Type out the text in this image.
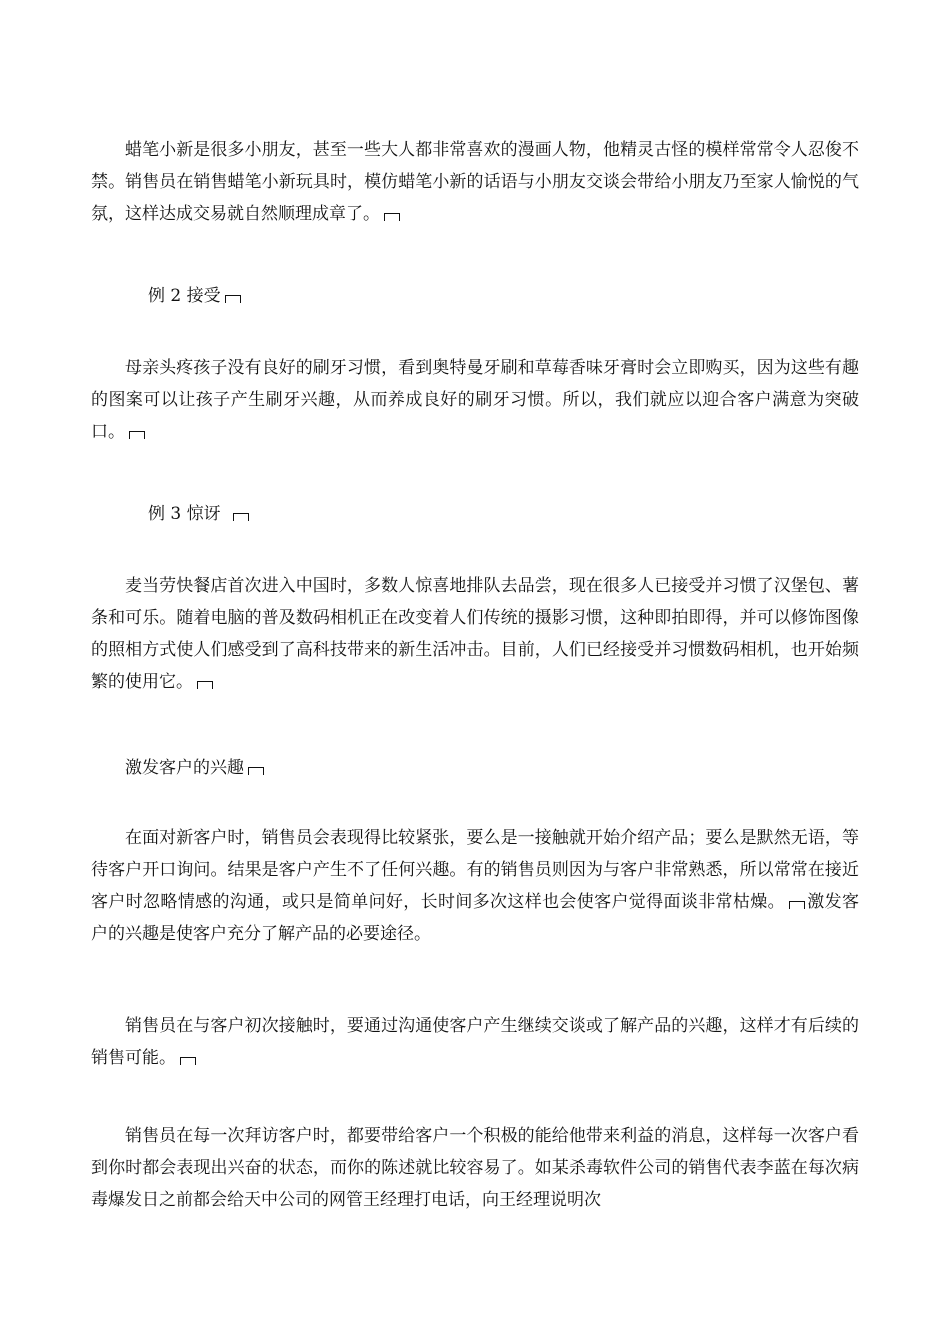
蜡笔小新是很多小朋友，甚至一些大人都非常喜欢的漫画人物，他精灵古怪的模样常常令人忍俊不禁。销售员在销售蜡笔小新玩具时，模仿蜡笔小新的话语与小朋友交谈会带给小朋友乃至家人愉悦的气氛，这样达成交易就自然顺理成章了。

例 2 接受

母亲头疼孩子没有良好的刷牙习惯，看到奥特曼牙刷和草莓香味牙膏时会立即购买，因为这些有趣的图案可以让孩子产生刷牙兴趣，从而养成良好的刷牙习惯。所以，我们就应以迎合客户满意为突破口。

例 3 惊讶

麦当劳快餐店首次进入中国时，多数人惊喜地排队去品尝，现在很多人已接受并习惯了汉堡包、薯条和可乐。随着电脑的普及数码相机正在改变着人们传统的摄影习惯，这种即拍即得，并可以修饰图像的照相方式使人们感受到了高科技带来的新生活冲击。目前，人们已经接受并习惯数码相机，也开始频繁的使用它。

激发客户的兴趣

在面对新客户时，销售员会表现得比较紧张，要么是一接触就开始介绍产品；要么是默然无语，等待客户开口询问。结果是客户产生不了任何兴趣。有的销售员则因为与客户非常熟悉，所以常常在接近客户时忽略情感的沟通，或只是简单问好，长时间多次这样也会使客户觉得面谈非常枯燥。 激发客户的兴趣是使客户充分了解产品的必要途径。

销售员在与客户初次接触时，要通过沟通使客户产生继续交谈或了解产品的兴趣，这样才有后续的销售可能。

销售员在每一次拜访客户时，都要带给客户一个积极的能给他带来利益的消息，这样每一次客户看到你时都会表现出兴奋的状态，而你的陈述就比较容易了。如某杀毒软件公司的销售代表李蓝在每次病毒爆发日之前都会给天中公司的网管王经理打电话，向王经理说明次
